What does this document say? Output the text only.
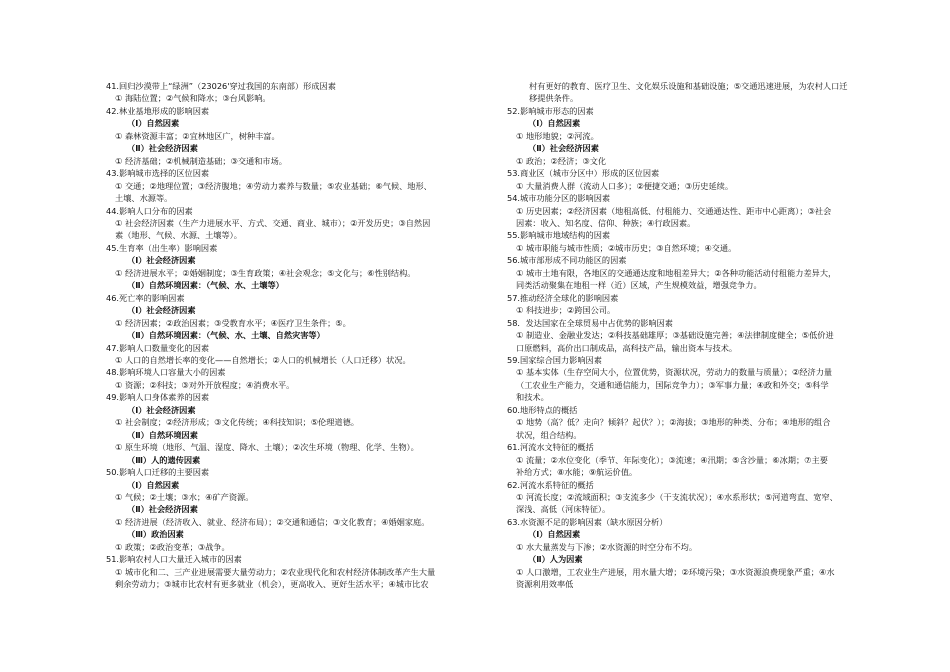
41.回归沙漠带上“绿洲”（23026'穿过我国的东南部）形成因素
① 海陆位置；②气候和降水；③台风影响。
42.林业基地形成的影响因素
（Ⅰ）自然因素
① 森林资源丰富；②宜林地区广，树种丰富。
（Ⅱ）社会经济因素
① 经济基础；②机械制造基础；③交通和市场。
43.影响城市选择的区位因素
① 交通；②地理位置；③经济腹地；④劳动力素养与数量；⑤农业基础；⑥气候、地形、
土壤、水源等。
44.影响人口分布的因素
① 社会经济因素（生产力进展水平、方式、交通、商业、城市）；②开发历史；③自然因
素（地形、气候、水源、土壤等）。
45.生育率（出生率）影响因素
（Ⅰ）社会经济因素
① 经济进展水平；②婚姻制度；③生育政策；④社会观念；⑤文化与；⑥性别结构。
（Ⅱ）自然环境因素：（气候、水、土壤等）
46.死亡率的影响因素
（Ⅰ）社会经济因素
① 经济因素；②政治因素；③受教育水平；④医疗卫生条件；⑤。
（Ⅱ）自然环境因素：（气候、水、土壤、自然灾害等）
47.影响人口数量变化的因素
① 人口的自然增长率的变化——自然增长；②人口的机械增长（人口迁移）状况。
48.影响环境人口容量大小的因素
① 资源；②科技；③对外开放程度；④消费水平。
49.影响人口身体素养的因素
（Ⅰ）社会经济因素
① 社会制度；②经济形成；③文化传统；④科技知识；⑤伦理道德。
（Ⅱ）自然环境因素
① 原生环境（地形、气温、湿度、降水、土壤）；②次生环境（物理、化学、生物）。
（Ⅲ）人的遗传因素
50.影响人口迁移的主要因素
（Ⅰ）自然因素
① 气候；②土壤；③水；④矿产资源。
（Ⅱ）社会经济因素
① 经济进展（经济收入、就业、经济布局）；②交通和通信；③文化教育；④婚姻家庭。
（Ⅲ）政治因素
① 政策；②政治变革；③战争。
51.影响农村人口大量迁入城市的因素
① 城市化和二、三产业进展需要大量劳动力；②农业现代化和农村经济体制改革产生大量
剩余劳动力；③城市比农村有更多就业（机会），更高收入、更好生活水平；④城市比农
村有更好的教育、医疗卫生、文化娱乐设施和基础设施；⑤交通迅速进展，为农村人口迁
移提供条件。
52.影响城市形态的因素
（Ⅰ）自然因素
① 地形地貌；②河流。
（Ⅱ）社会经济因素
① 政治；②经济；③文化
53.商业区（城市分区中）形成的区位因素
① 大量消费人群（流动人口多）；②便捷交通；③历史延续。
54.城市功能分区的影响因素
① 历史因素；②经济因素（地租高低、付租能力、交通通达性、距市中心距离）；③社会
因素：收入、知名度、信仰、种族；④行政因素。
55.影响城市地域结构的因素
① 城市职能与城市性质；②城市历史；③自然环境；④交通。
56.城市部形成不同功能区的因素
① 城市土地有限，各地区的交通通达度和地租差异大；②各种功能活动付租能力差异大，
同类活动聚集在地租一样（近）区域，产生规模效益，增强竞争力。
57.推动经济全球化的影响因素
① 科技进步；②跨国公司。
58．发达国家在全球贸易中占优势的影响因素
① 制造业、金融业发达；②科技基础雄厚；③基础设施完善；④法律制度健全；⑤低价进
口原燃料，高价出口制成品，高科技产品，输出资本与技术。
59.国家综合国力影响因素
① 基本实体（生存空间大小，位置优势，资源状况，劳动力的数量与质量）；②经济力量
（工农业生产能力，交通和通信能力，国际竞争力）；③军事力量；④政和外交；⑤科学
和技术。
60.地形特点的概括
① 地势（高？低？走向？倾斜？起伏？）；②海拔；③地形的种类、分布；④地形的组合
状况，组合结构。
61.河流水文特征的概括
① 流量；②水位变化（季节、年际变化）；③流速；④汛期；⑤含沙量；⑥冰期；⑦主要
补给方式；⑧水能；⑨航运价值。
62.河流水系特征的概括
① 河流长度；②流域面积；③支流多少（干支流状况）；④水系形状；⑤河道弯直、宽窄、
深浅、高低（河床特征）。
63.水资源不足的影响因素（缺水原因分析）
（Ⅰ）自然因素
① 水大量蒸发与下渗；②水资源的时空分布不均。
（Ⅱ）人为因素
① 人口激增，工农业生产进展，用水量大增；②环境污染；③水资源浪费现象严重；④水
资源利用效率低
